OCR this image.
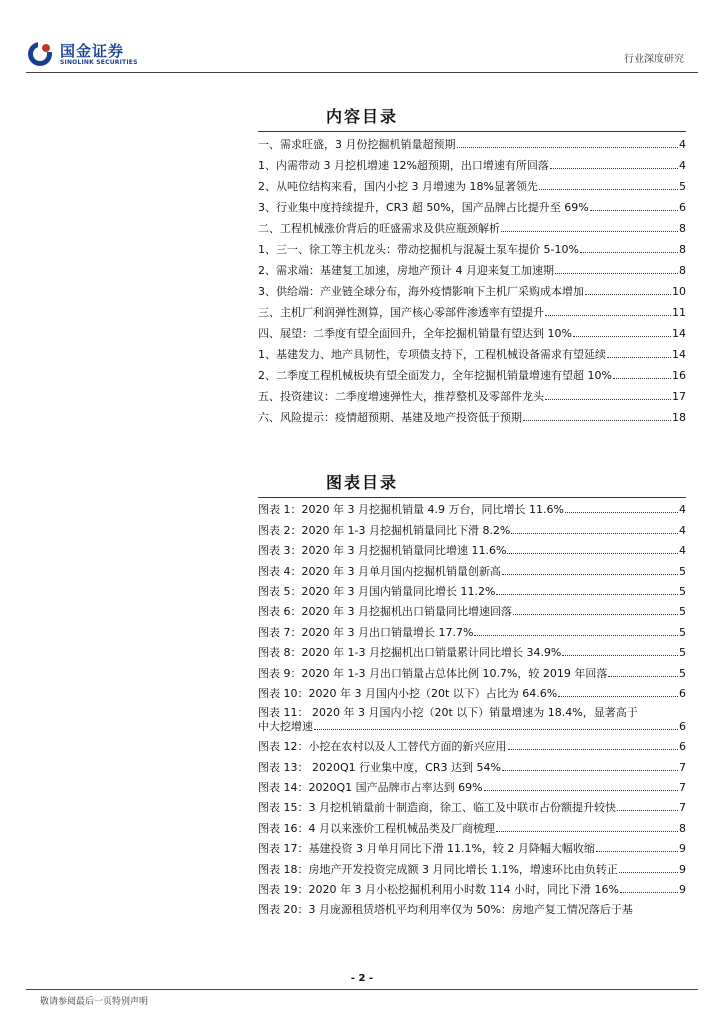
国金证券
SINOLINK SECURITIES	行业深度研究
内容目录
一、需求旺盛，3 月份挖掘机销量超预期	4
1、内需带动 3 月挖机增速 12%超预期，出口增速有所回落	4
2、从吨位结构来看，国内小挖 3 月增速为 18%显著领先	5
3、行业集中度持续提升，CR3 超 50%，国产品牌占比提升至 69%	6
二、工程机械涨价背后的旺盛需求及供应瓶颈解析	8
1、三一、徐工等主机龙头：带动挖掘机与混凝土泵车提价 5-10%	8
2、需求端：基建复工加速，房地产预计 4 月迎来复工加速期	8
3、供给端：产业链全球分布，海外疫情影响下主机厂采购成本增加	10
三、主机厂利润弹性测算，国产核心零部件渗透率有望提升	11
四、展望：二季度有望全面回升，全年挖掘机销量有望达到 10%	14
1、基建发力、地产具韧性，专项债支持下，工程机械设备需求有望延续	14
2、二季度工程机械板块有望全面发力，全年挖掘机销量增速有望超 10%	16
五、投资建议：二季度增速弹性大，推荐整机及零部件龙头	17
六、风险提示：疫情超预期、基建及地产投资低于预期	18
图表目录
图表 1：2020 年 3 月挖掘机销量 4.9 万台，同比增长 11.6%	4
图表 2：2020 年 1-3 月挖掘机销量同比下滑 8.2%	4
图表 3：2020 年 3 月挖掘机销量同比增速 11.6%	4
图表 4：2020 年 3 月单月国内挖掘机销量创新高	5
图表 5：2020 年 3 月国内销量同比增长 11.2%	5
图表 6：2020 年 3 月挖掘机出口销量同比增速回落	5
图表 7：2020 年 3 月出口销量增长 17.7%	5
图表 8：2020 年 1-3 月挖掘机出口销量累计同比增长 34.9%	5
图表 9：2020 年 1-3 月出口销量占总体比例 10.7%，较 2019 年回落	5
图表 10：2020 年 3 月国内小挖（20t 以下）占比为 64.6%	6
图表 11： 2020 年 3 月国内小挖（20t 以下）销量增速为 18.4%，显著高于
中大挖增速	6
图表 12：小挖在农村以及人工替代方面的新兴应用	6
图表 13： 2020Q1 行业集中度，CR3 达到 54%	7
图表 14：2020Q1 国产品牌市占率达到 69%	7
图表 15：3 月挖机销量前十制造商，徐工、临工及中联市占份额提升较快	7
图表 16：4 月以来涨价工程机械品类及厂商梳理	8
图表 17：基建投资 3 月单月同比下滑 11.1%，较 2 月降幅大幅收缩	9
图表 18：房地产开发投资完成额 3 月同比增长 1.1%，增速环比由负转正	9
图表 19：2020 年 3 月小松挖掘机利用小时数 114 小时，同比下滑 16%	9
图表 20：3 月庞源租赁塔机平均利用率仅为 50%：房地产复工情况落后于基
- 2 -
敬请参阅最后一页特别声明
